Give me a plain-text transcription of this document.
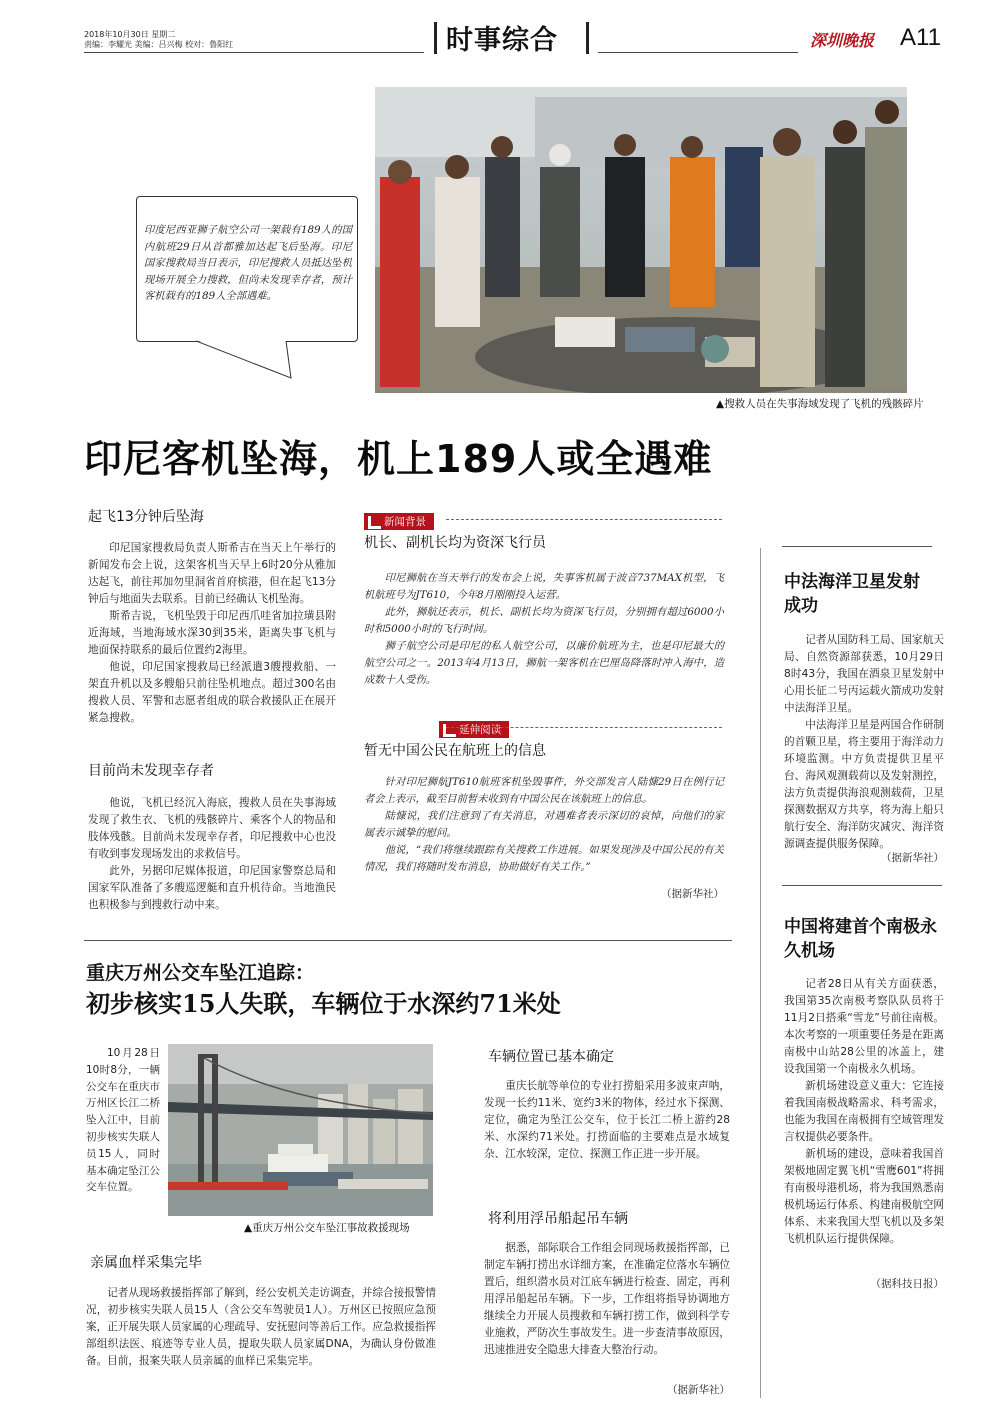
2018年10月30日 星期二
责编：李耀光 美编：吕兴梅 校对：鲁阳红	时事综合	深圳晚报 A11
▲搜救人员在失事海域发现了飞机的残骸碎片
印度尼西亚狮子航空公司一架载有189人的国内航班29日从首都雅加达起飞后坠海。印尼国家搜救局当日表示，印尼搜救人员抵达坠机现场开展全力搜救，但尚未发现幸存者，预计客机载有的189人全部遇难。
印尼客机坠海，机上189人或全遇难
起飞13分钟后坠海

印尼国家搜救局负责人斯希吉在当天上午举行的新闻发布会上说，这架客机当天早上6时20分从雅加达起飞，前往邦加勿里洞省首府槟港，但在起飞13分钟后与地面失去联系。目前已经确认飞机坠海。

斯希吉说，飞机坠毁于印尼西爪哇省加拉璜县附近海域，当地海域水深30到35米，距离失事飞机与地面保持联系的最后位置约2海里。

他说，印尼国家搜救局已经派遣3艘搜救船、一架直升机以及多艘船只前往坠机地点。超过300名由搜救人员、军警和志愿者组成的联合救援队正在展开紧急搜救。

目前尚未发现幸存者

他说，飞机已经沉入海底，搜救人员在失事海域发现了救生衣、飞机的残骸碎片、乘客个人的物品和肢体残骸。目前尚未发现幸存者，印尼搜救中心也没有收到事发现场发出的求救信号。

此外，另据印尼媒体报道，印尼国家警察总局和国家军队准备了多艘巡逻艇和直升机待命。当地渔民也积极参与到搜救行动中来。

新闻背景
机长、副机长均为资深飞行员

印尼狮航在当天举行的发布会上说，失事客机属于波音737MAX机型，飞机航班号为JT610，今年8月刚刚投入运营。

此外，狮航还表示，机长、副机长均为资深飞行员，分别拥有超过6000小时和5000小时的飞行时间。

狮子航空公司是印尼的私人航空公司，以廉价航班为主，也是印尼最大的航空公司之一。2013年4月13日，狮航一架客机在巴厘岛降落时冲入海中，造成数十人受伤。

延伸阅读
暂无中国公民在航班上的信息

针对印尼狮航JT610航班客机坠毁事件，外交部发言人陆慷29日在例行记者会上表示，截至目前暂未收到有中国公民在该航班上的信息。

陆慷说，我们注意到了有关消息，对遇难者表示深切的哀悼，向他们的家属表示诚挚的慰问。

他说，“我们将继续跟踪有关搜救工作进展。如果发现涉及中国公民的有关情况，我们将随时发布消息，协助做好有关工作。”

（据新华社）
中法海洋卫星发射成功

记者从国防科工局、国家航天局、自然资源部获悉，10月29日8时43分，我国在酒泉卫星发射中心用长征二号丙运载火箭成功发射中法海洋卫星。

中法海洋卫星是两国合作研制的首颗卫星，将主要用于海洋动力环境监测。中方负责提供卫星平台、海风观测载荷以及发射测控，法方负责提供海浪观测载荷，卫星探测数据双方共享，将为海上船只航行安全、海洋防灾减灾、海洋资源调查提供服务保障。

（据新华社）
中国将建首个南极永久机场

记者28日从有关方面获悉，我国第35次南极考察队队员将于11月2日搭乘“雪龙”号前往南极。本次考察的一项重要任务是在距离南极中山站28公里的冰盖上，建设我国第一个南极永久机场。

新机场建设意义重大：它连接着我国南极战略需求、科考需求，也能为我国在南极拥有空域管理发言权提供必要条件。

新机场的建设，意味着我国首架极地固定翼飞机“雪鹰601”将拥有南极母港机场，将为我国熟悉南极机场运行体系、构建南极航空网体系、未来我国大型飞机以及多架飞机机队运行提供保障。

（据科技日报）
重庆万州公交车坠江追踪：
初步核实15人失联，车辆位于水深约71米处

10月28日10时8分，一辆公交车在重庆市万州区长江二桥坠入江中，目前初步核实失联人员15人，同时基本确定坠江公交车位置。

▲重庆万州公交车坠江事故救援现场
亲属血样采集完毕

记者从现场救援指挥部了解到，经公安机关走访调查，并综合接报警情况，初步核实失联人员15人（含公交车驾驶员1人）。万州区已按照应急预案，正开展失联人员家属的心理疏导、安抚慰问等善后工作。应急救援指挥部组织法医、痕迹等专业人员，提取失联人员家属DNA，为确认身份做准备。目前，报案失联人员亲属的血样已采集完毕。

车辆位置已基本确定

重庆长航等单位的专业打捞船采用多波束声呐，发现一长约11米、宽约3米的物体，经过水下探测、定位，确定为坠江公交车，位于长江二桥上游约28米、水深约71米处。打捞面临的主要难点是水域复杂、江水较深，定位、探测工作正进一步开展。

将利用浮吊船起吊车辆

据悉，部际联合工作组会同现场救援指挥部，已制定车辆打捞出水详细方案，在准确定位落水车辆位置后，组织潜水员对江底车辆进行检查、固定，再利用浮吊船起吊车辆。下一步，工作组将指导协调地方继续全力开展人员搜救和车辆打捞工作，做到科学专业施救，严防次生事故发生。进一步查清事故原因，迅速推进安全隐患大排查大整治行动。

（据新华社）
